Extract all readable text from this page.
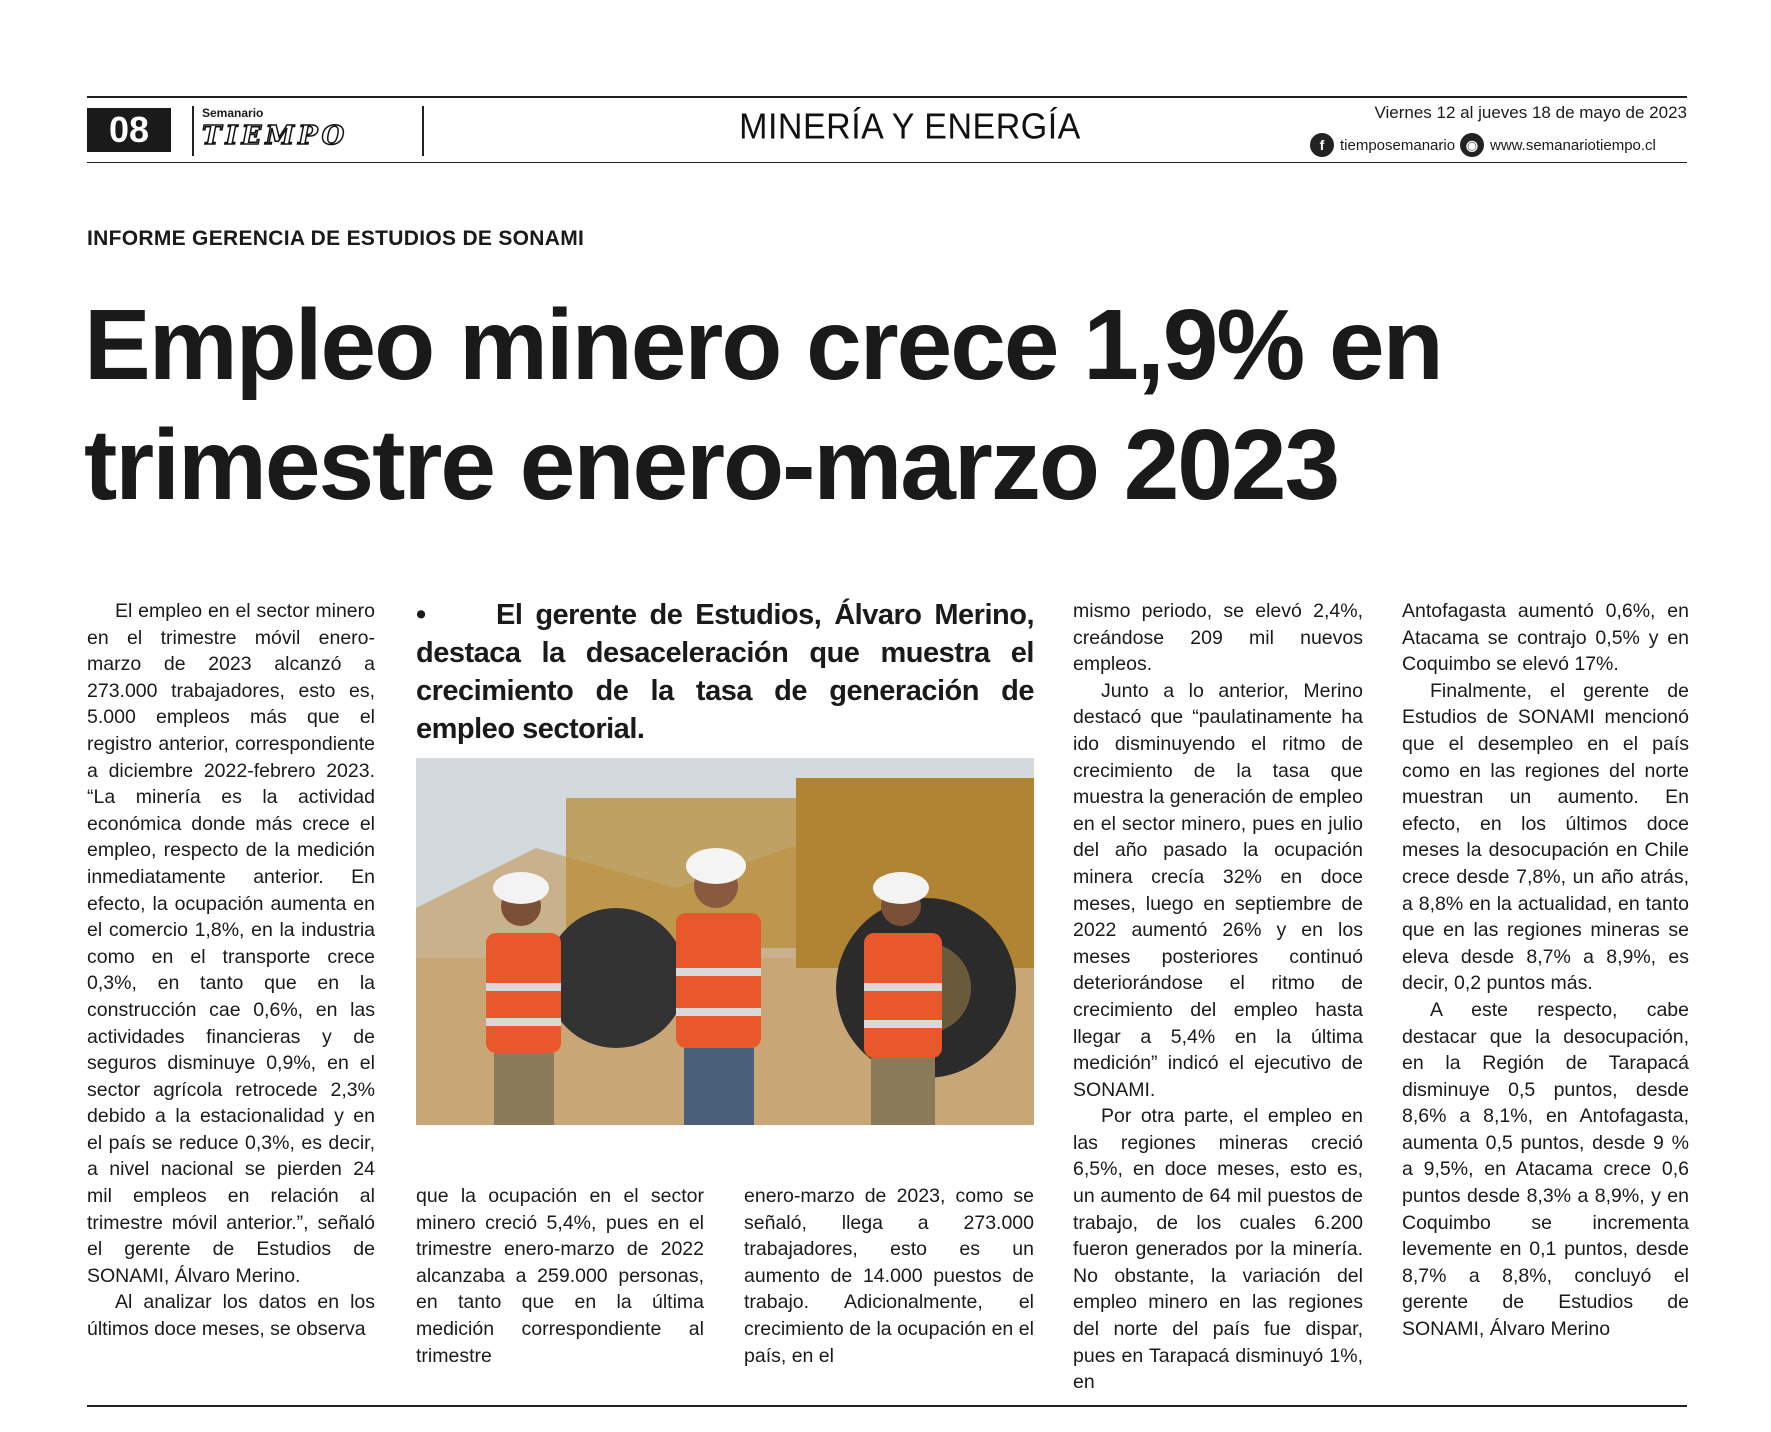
08	Semanario
TIEMPO	MINERÍA Y ENERGÍA	Viernes 12 al jueves 18 de mayo de 2023
f	tiemposemanario ◉ www.semanariotiempo.cl
INFORME GERENCIA DE ESTUDIOS DE SONAMI
Empleo minero crece 1,9% en
trimestre enero-marzo 2023

El empleo en el sector minero en el trimestre móvil enero-marzo de 2023 alcanzó a 273.000 trabajadores, esto es, 5.000 empleos más que el registro anterior, correspondiente a diciembre 2022-febrero 2023. “La minería es la actividad económica donde más crece el empleo, respecto de la medición inmediatamente anterior. En efecto, la ocupación aumenta en el comercio 1,8%, en la industria como en el transporte crece 0,3%, en tanto que en la construcción cae 0,6%, en las actividades financieras y de seguros disminuye 0,9%, en el sector agrícola retrocede 2,3% debido a la estacionalidad y en el país se reduce 0,3%, es decir, a nivel nacional se pierden 24 mil empleos en relación al trimestre móvil anterior.”, señaló el gerente de Estudios de SONAMI, Álvaro Merino.

Al analizar los datos en los últimos doce meses, se observa

• El gerente de Estudios, Álvaro Merino, destaca la desaceleración que muestra el crecimiento de la tasa de generación de empleo sectorial.

que la ocupación en el sector minero creció 5,4%, pues en el trimestre enero-marzo de 2022 alcanzaba a 259.000 personas, en tanto que en la última medición correspondiente al trimestre

enero-marzo de 2023, como se señaló, llega a 273.000 trabajadores, esto es un aumento de 14.000 puestos de trabajo. Adicionalmente, el crecimiento de la ocupación en el país, en el

mismo periodo, se elevó 2,4%, creándose 209 mil nuevos empleos.

Junto a lo anterior, Merino destacó que “paulatinamente ha ido disminuyendo el ritmo de crecimiento de la tasa que muestra la generación de empleo en el sector minero, pues en julio del año pasado la ocupación minera crecía 32% en doce meses, luego en septiembre de 2022 aumentó 26% y en los meses posteriores continuó deteriorándose el ritmo de crecimiento del empleo hasta llegar a 5,4% en la última medición” indicó el ejecutivo de SONAMI.

Por otra parte, el empleo en las regiones mineras creció 6,5%, en doce meses, esto es, un aumento de 64 mil puestos de trabajo, de los cuales 6.200 fueron generados por la minería. No obstante, la variación del empleo minero en las regiones del norte del país fue dispar, pues en Tarapacá disminuyó 1%, en

Antofagasta aumentó 0,6%, en Atacama se contrajo 0,5% y en Coquimbo se elevó 17%.

Finalmente, el gerente de Estudios de SONAMI mencionó que el desempleo en el país como en las regiones del norte muestran un aumento. En efecto, en los últimos doce meses la desocupación en Chile crece desde 7,8%, un año atrás, a 8,8% en la actualidad, en tanto que en las regiones mineras se eleva desde 8,7% a 8,9%, es decir, 0,2 puntos más.

A este respecto, cabe destacar que la desocupación, en la Región de Tarapacá disminuye 0,5 puntos, desde 8,6% a 8,1%, en Antofagasta, aumenta 0,5 puntos, desde 9 % a 9,5%, en Atacama crece 0,6 puntos desde 8,3% a 8,9%, y en Coquimbo se incrementa levemente en 0,1 puntos, desde 8,7% a 8,8%, concluyó el gerente de Estudios de SONAMI, Álvaro Merino
